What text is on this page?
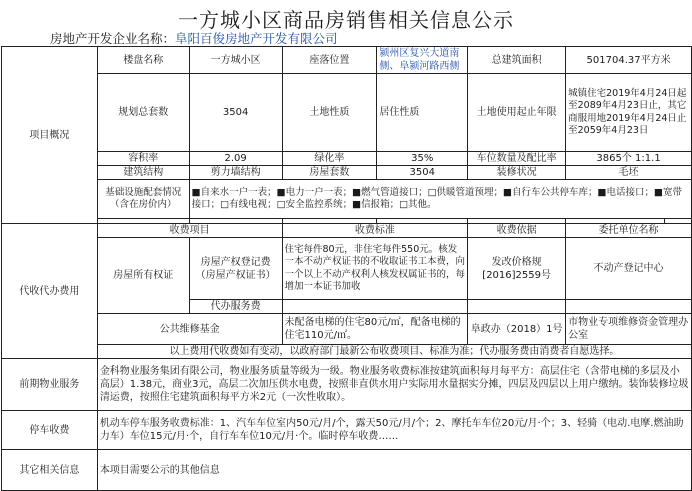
一方城小区商品房销售相关信息公示
房地产开发企业名称：阜阳百俊房地产开发有限公司
项目概况	楼盘名称	一方城小区	座落位置	颍州区复兴大道南侧、阜颍河路西侧	总建筑面积	501704.37平方米	
	规划总套数	3504	土地性质	居住性质	土地使用起止年限	城镇住宅2019年4月24日起至2089年4月23日止，其它商服用地2019年4月24日止至2059年4月23日	
	容积率	2.09	绿化率	35%	车位数量及配比率	3865个 1:1.1	
	建筑结构	剪力墙结构	房屋套数	3504	装修状况	毛坯	
	基础设施配套情况（含在房价内）	■自来水一户一表；■电力一户一表；■燃气管道接口；□供暖管道预埋；■自行车公共停车库；■电话接口；■宽带接口；□有线电视；□安全监控系统；■信报箱；□其他。					

代收代办费用	收费项目		收费标准		收费依据	委托单位名称	
	房屋所有权证	房屋产权登记费（房屋产权证书）	住宅每件80元，非住宅每件550元。核发一本不动产权证书的不收取证书工本费，向一个以上不动产权利人核发权属证书的，每增加一本证书加收		发改价格规[2016]2559号	不动产登记中心	
		代办服务费					
	公共维修基金		未配备电梯的住宅80元/㎡，配备电梯的住宅110元/㎡。		阜政办（2018）1号	市物业专项维修资金管理办公室	
	以上费用代收费如有变动，以政府部门最新公布收费项目、标准为准；代办服务费由消费者自愿选择。						
前期物业服务	金科物业服务集团有限公司，物业服务质量等级为一级。物业服务收费标准按建筑面积每月每平方：高层住宅（含带电梯的多层及小高层）1.38元，商业3元，高层二次加压供水电费，按照非直供水用户实际用水量据实分摊，四层及四层以上用户缴纳。装饰装修垃圾清运费，按照住宅建筑面积每平方米2元（一次性收取）。						
停车收费	机动车停车服务收费标准：1、汽车车位室内50元/月/个，露天50元/月/个；2、摩托车车位20元/月·个；3、轻骑（电动.电摩.燃油助力车）车位15元/月·个，自行车车位10元/月·个。临时停车收费……						
其它相关信息	本项目需要公示的其他信息						
